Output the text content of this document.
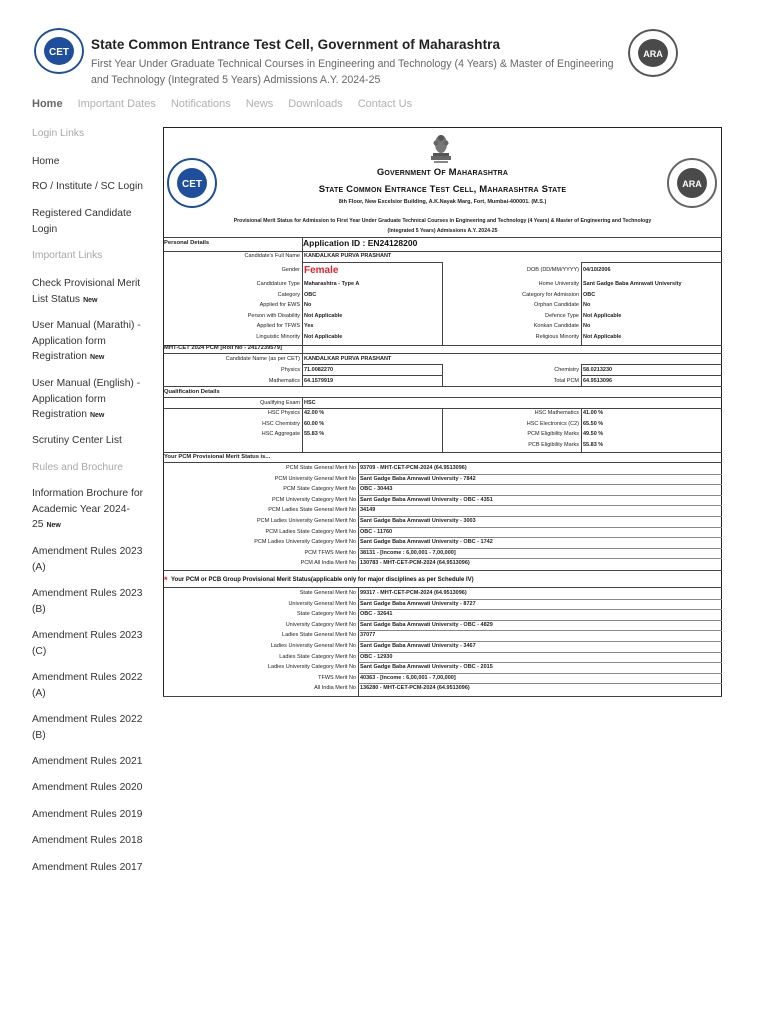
CET
State Common Entrance Test Cell, Government of Maharashtra
First Year Under Graduate Technical Courses in Engineering and Technology (4 Years) & Master of Engineering and Technology (Integrated 5 Years) Admissions A.Y. 2024-25
ARA
Home Important Dates Notifications News Downloads Contact Us
Login Links
Home
RO / Institute / SC Login
Registered Candidate Login
Important Links
Check Provisional Merit List Status New
User Manual (Marathi) - Application form Registration New
User Manual (English) - Application form Registration New
Scrutiny Center List
Rules and Brochure
Information Brochure for Academic Year 2024-25 New
Amendment Rules 2023 (A)
Amendment Rules 2023 (B)
Amendment Rules 2023 (C)
Amendment Rules 2022 (A)
Amendment Rules 2022 (B)
Amendment Rules 2021
Amendment Rules 2020
Amendment Rules 2019
Amendment Rules 2018
Amendment Rules 2017
CET	ARA
Government Of Maharashtra
State Common Entrance Test Cell, Maharashtra State
8th Floor, New Excelsior Building, A.K.Nayak Marg, Fort, Mumbai-400001. (M.S.)
Provisional Merit Status for Admission to First Year Under Graduate Technical Courses in Engineering and Technology (4 Years) & Master of Engineering and Technology (Integrated 5 Years) Admissions A.Y. 2024-25
Personal Details	Application ID : EN24128200
Candidate's Full Name KANDALKAR PURVA PRASHANT
Gender Female	DOB (DD/MM/YYYY) 04/10/2006
Candidature Type Maharashtra - Type A	Home University Sant Gadge Baba Amravati University
Category OBC	Category for Admission OBC
Applied for EWS No	Orphan Candidate No
Person with Disability Not Applicable	Defence Type Not Applicable
Applied for TFWS Yes	Konkan Candidate No
Linguistic Minority Not Applicable	Religious Minority Not Applicable
MHT-CET 2024 PCM [Roll No - 2417239579]
Candidate Name (as per CET) KANDALKAR PURVA PRASHANT
Physics 71.0082270	Chemistry 58.0213230
Mathematics 64.1579919	Total PCM 64.9513096
Qualification Details
Qualifying Exam HSC
HSC Physics 42.00 %	HSC Mathematics 41.00 %
HSC Chemistry 60.00 %	HSC Electronics (C2) 65.50 %
HSC Aggregate 55.83 %	PCM Eligibility Marks 49.50 %
PCB Eligibility Marks 55.83 %
Your PCM Provisional Merit Status is...
PCM State General Merit No 93709 - MHT-CET-PCM-2024 (64.9513096)
PCM University General Merit No Sant Gadge Baba Amravati University - 7842
PCM State Category Merit No OBC - 30443
PCM University Category Merit No Sant Gadge Baba Amravati University - OBC - 4351
PCM Ladies State General Merit No 34149
PCM Ladies University General Merit No Sant Gadge Baba Amravati University - 3003
PCM Ladies State Category Merit No OBC - 11760
PCM Ladies University Category Merit No Sant Gadge Baba Amravati University - OBC - 1742
PCM TFWS Merit No 38131 - [Income : 6,00,001 - 7,00,000]
PCM All India Merit No 130783 - MHT-CET-PCM-2024 (64.9513096)
* Your PCM or PCB Group Provisional Merit Status(applicable only for major disciplines as per Schedule IV)
State General Merit No 99317 - MHT-CET-PCM-2024 (64.9513096)
University General Merit No Sant Gadge Baba Amravati University - 8727
State Category Merit No OBC - 32641
University Category Merit No Sant Gadge Baba Amravati University - OBC - 4829
Ladies State General Merit No 37077
Ladies University General Merit No Sant Gadge Baba Amravati University - 3467
Ladies State Category Merit No OBC - 12930
Ladies University Category Merit No Sant Gadge Baba Amravati University - OBC - 2015
TFWS Merit No 40363 - [Income : 6,00,001 - 7,00,000]
All India Merit No 136280 - MHT-CET-PCM-2024 (64.9513096)
